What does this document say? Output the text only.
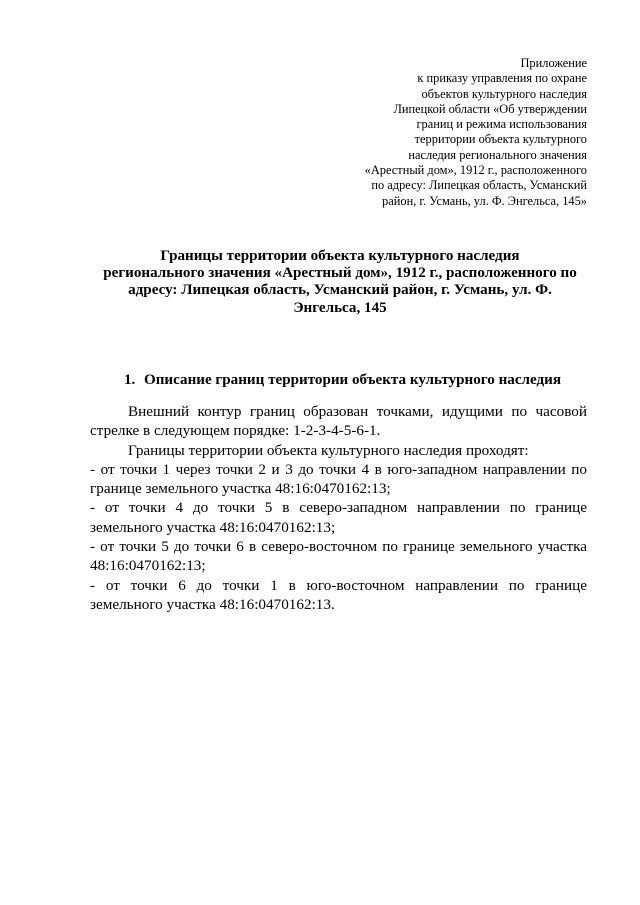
Приложение
к приказу управления по охране
объектов культурного наследия
Липецкой области «Об утверждении
границ и режима использования
территории объекта культурного
наследия регионального значения
«Арестный дом», 1912 г., расположенного
по адресу: Липецкая область, Усманский
район, г. Усмань, ул. Ф. Энгельса, 145»
Границы территории объекта культурного наследия
регионального значения «Арестный дом», 1912 г., расположенного по
адресу: Липецкая область, Усманский район, г. Усмань, ул. Ф.
Энгельса, 145
1. Описание границ территории объекта культурного наследия
Внешний контур границ образован точками, идущими по часовой
стрелке в следующем порядке: 1-2-3-4-5-6-1.
Границы территории объекта культурного наследия проходят:
- от точки 1 через точки 2 и 3 до точки 4 в юго-западном направлении по
границе земельного участка 48:16:0470162:13;
- от точки 4 до точки 5 в северо-западном направлении по границе
земельного участка 48:16:0470162:13;
- от точки 5 до точки 6 в северо-восточном по границе земельного участка
48:16:0470162:13;
- от точки 6 до точки 1 в юго-восточном направлении по границе
земельного участка 48:16:0470162:13.
